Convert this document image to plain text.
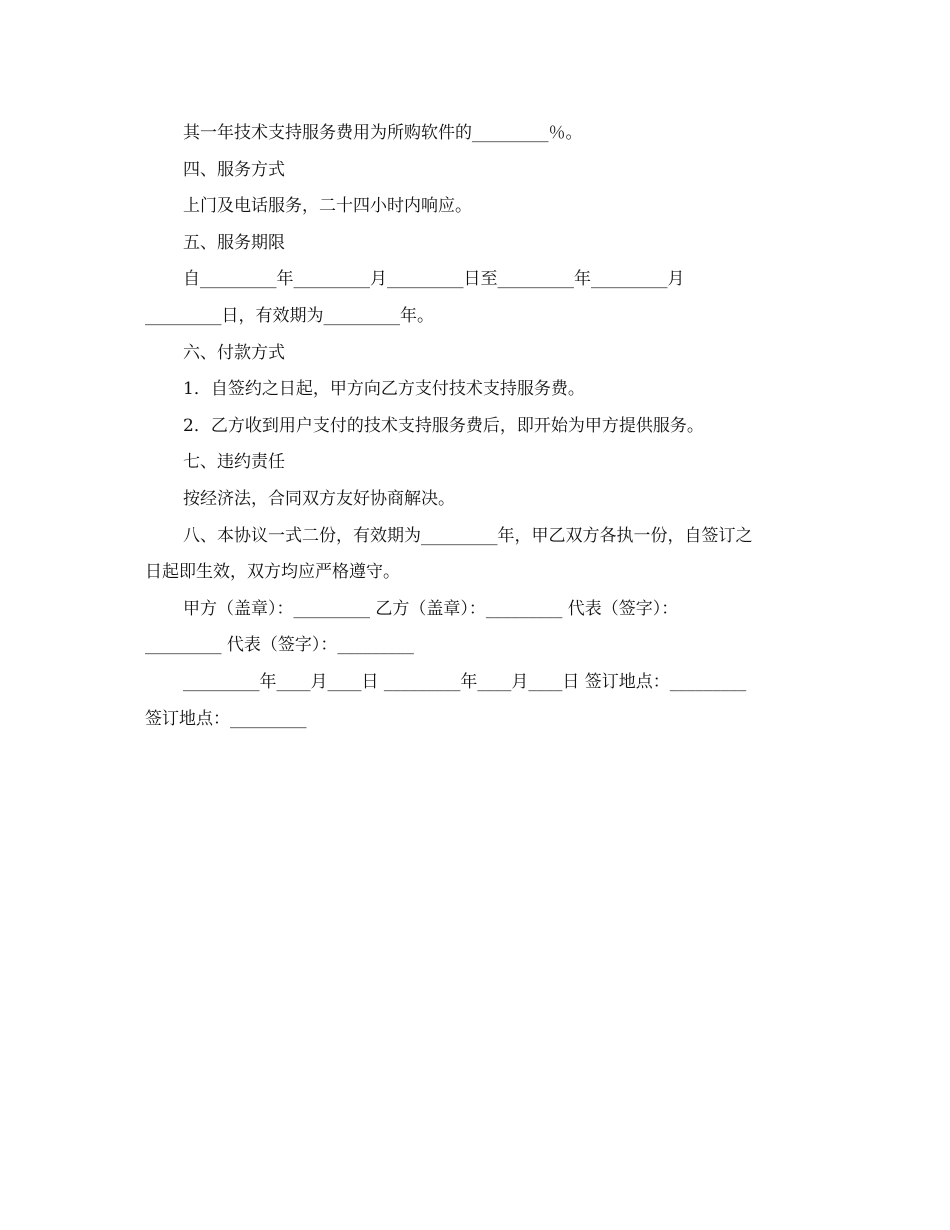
其一年技术支持服务费用为所购软件的_________％。

四、服务方式

上门及电话服务，二十四小时内响应。

五、服务期限

自_________年_________月_________日至_________年_________月

_________日，有效期为_________年。

六、付款方式

1．自签约之日起，甲方向乙方支付技术支持服务费。

2．乙方收到用户支付的技术支持服务费后，即开始为甲方提供服务。

七、违约责任

按经济法，合同双方友好协商解决。

八、本协议一式二份，有效期为_________年，甲乙双方各执一份，自签订之

日起即生效，双方均应严格遵守。

甲方（盖章）：_________ 乙方（盖章）：_________ 代表（签字）：

_________ 代表（签字）：_________

_________年____月____日 _________年____月____日 签订地点：_________

签订地点：_________
